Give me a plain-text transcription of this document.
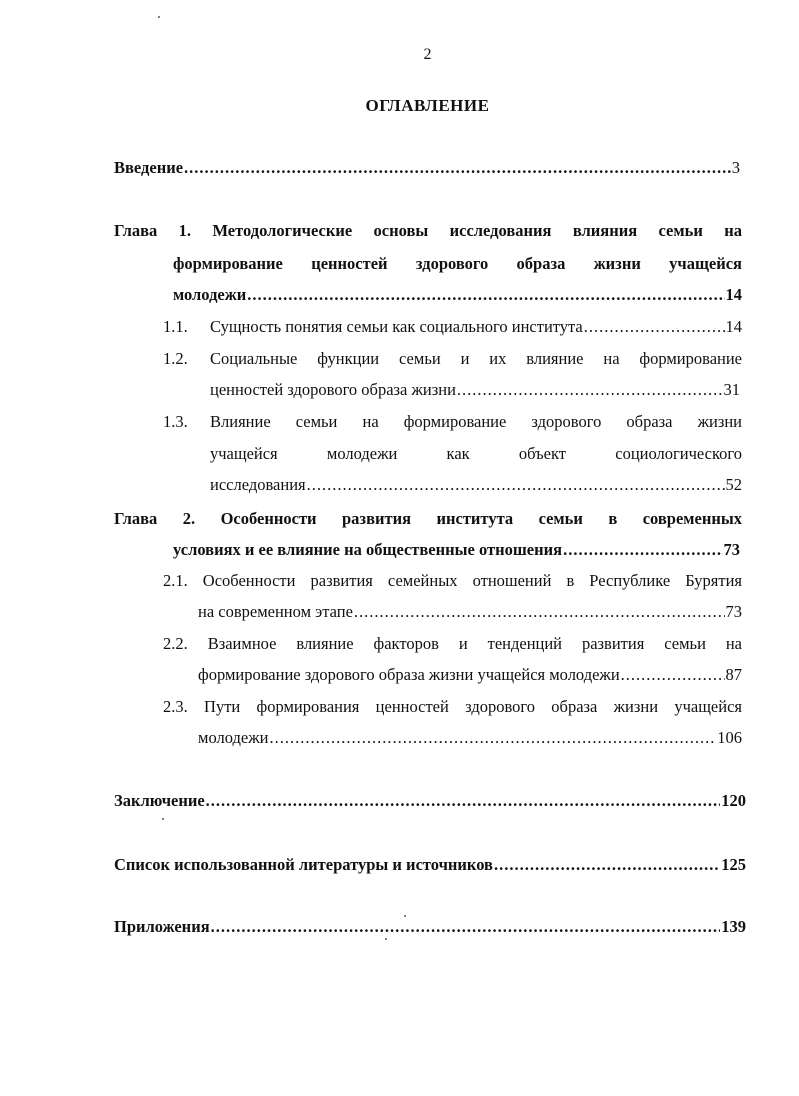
2
ОГЛАВЛЕНИЕ
Введение .....	3
Глава 1. Методологические основы исследования влияния семьи на
формирование ценностей здорового образа жизни учащейся
молодежи .....	14
1.1.	Сущность понятия семьи как социального института .....	14
1.2.	Социальные функции семьи и их влияние на формирование
ценностей здорового образа жизни .....	31
1.3.	Влияние семьи на формирование здорового образа жизни
учащейся молодежи как объект социологического
исследования .....	52
Глава 2. Особенности развития института семьи в современных
условиях и ее влияние на общественные отношения .....	73
2.1. Особенности развития семейных отношений в Республике Бурятия
на современном этапе .....	73
2.2. Взаимное влияние факторов и тенденций развития семьи на
формирование здорового образа жизни учащейся молодежи .....	87
2.3. Пути формирования ценностей здорового образа жизни учащейся
молодежи .....	106
Заключение .....	120
Список использованной литературы и источников .....	125
Приложения .....	139
